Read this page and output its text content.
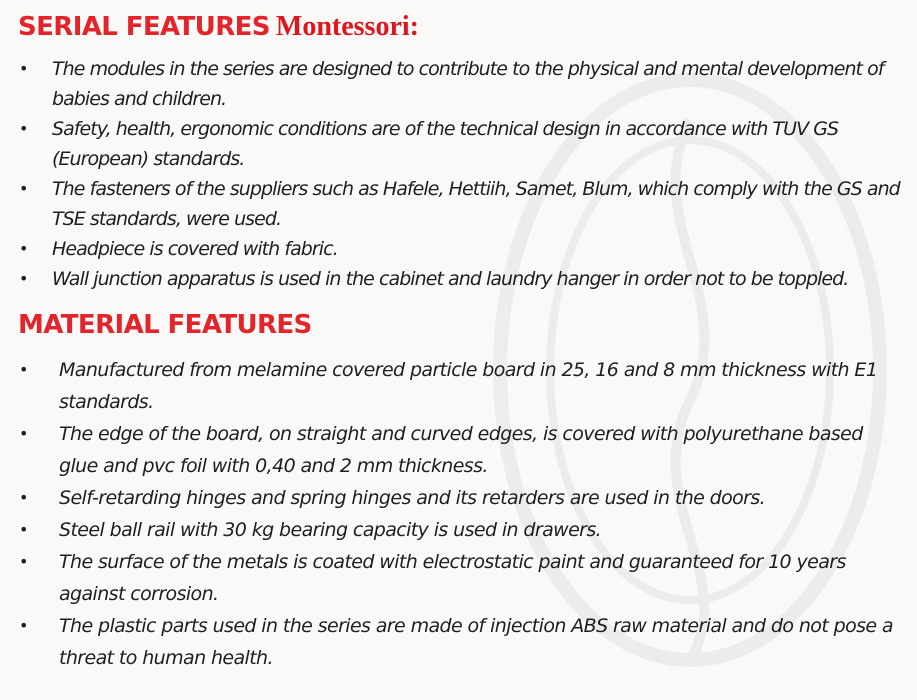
SERIAL FEATURES Montessori:
• The modules in the series are designed to contribute to the physical and mental development of babies and children.
• Safety, health, ergonomic conditions are of the technical design in accordance with TUV GS (European) standards.
• The fasteners of the suppliers such as Hafele, Hettiih, Samet, Blum, which comply with the GS and TSE standards, were used.
• Headpiece is covered with fabric.
• Wall junction apparatus is used in the cabinet and laundry hanger in order not to be toppled.
MATERIAL FEATURES
• Manufactured from melamine covered particle board in 25, 16 and 8 mm thickness with E1 standards.
• The edge of the board, on straight and curved edges, is covered with polyurethane based glue and pvc foil with 0,40 and 2 mm thickness.
• Self-retarding hinges and spring hinges and its retarders are used in the doors.
• Steel ball rail with 30 kg bearing capacity is used in drawers.
• The surface of the metals is coated with electrostatic paint and guaranteed for 10 years against corrosion.
• The plastic parts used in the series are made of injection ABS raw material and do not pose a threat to human health.
